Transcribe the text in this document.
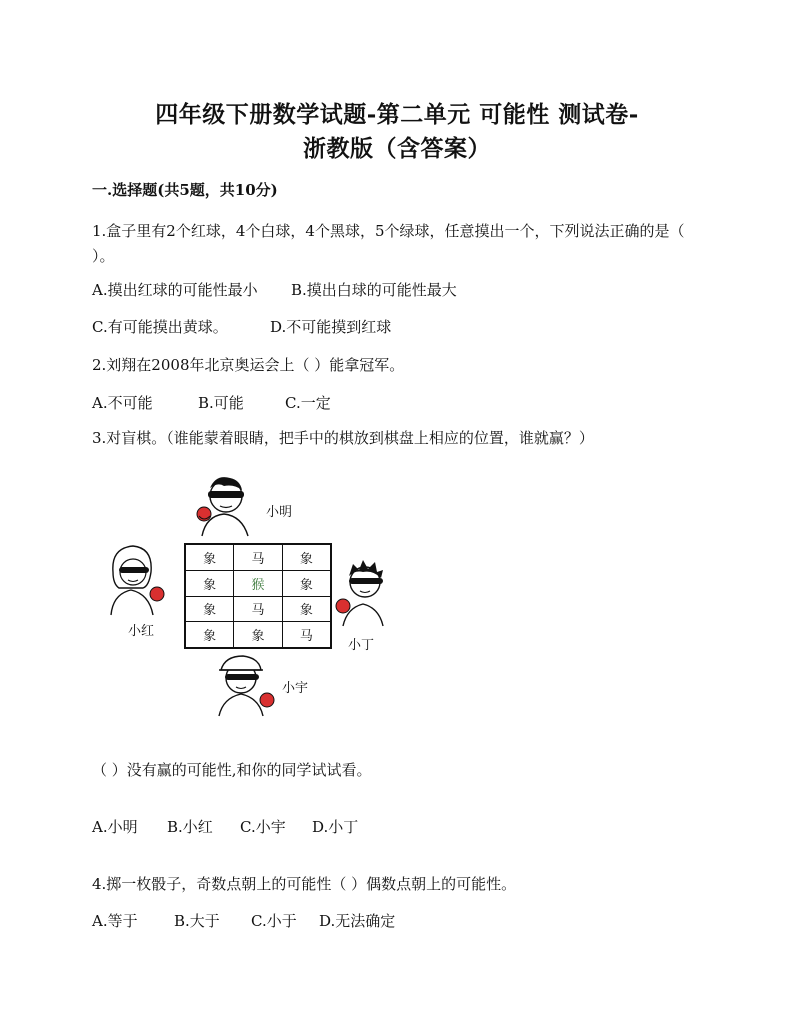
四年级下册数学试题-第二单元 可能性 测试卷-
浙教版（含答案）
一.选择题(共5题，共10分)
1.盒子里有2个红球，4个白球，4个黑球，5个绿球，任意摸出一个，下列说法正确的是（
）。
A.摸出红球的可能性最小 B.摸出白球的可能性最大
C.有可能摸出黄球。	D.不可能摸到红球
2.刘翔在2008年北京奥运会上（ ）能拿冠军。
A.不可能	B.可能	C.一定
3.对盲棋。（谁能蒙着眼睛，把手中的棋放到棋盘上相应的位置，谁就赢？）
小明
小红
象	马	象
象	猴	象
象	马	象
象	象	马
小丁
小宇
（ ）没有赢的可能性,和你的同学试试看。
A.小明 B.小红 C.小宇 D.小丁
4.掷一枚骰子，奇数点朝上的可能性（ ）偶数点朝上的可能性。
A.等于 B.大于 C.小于 D.无法确定
